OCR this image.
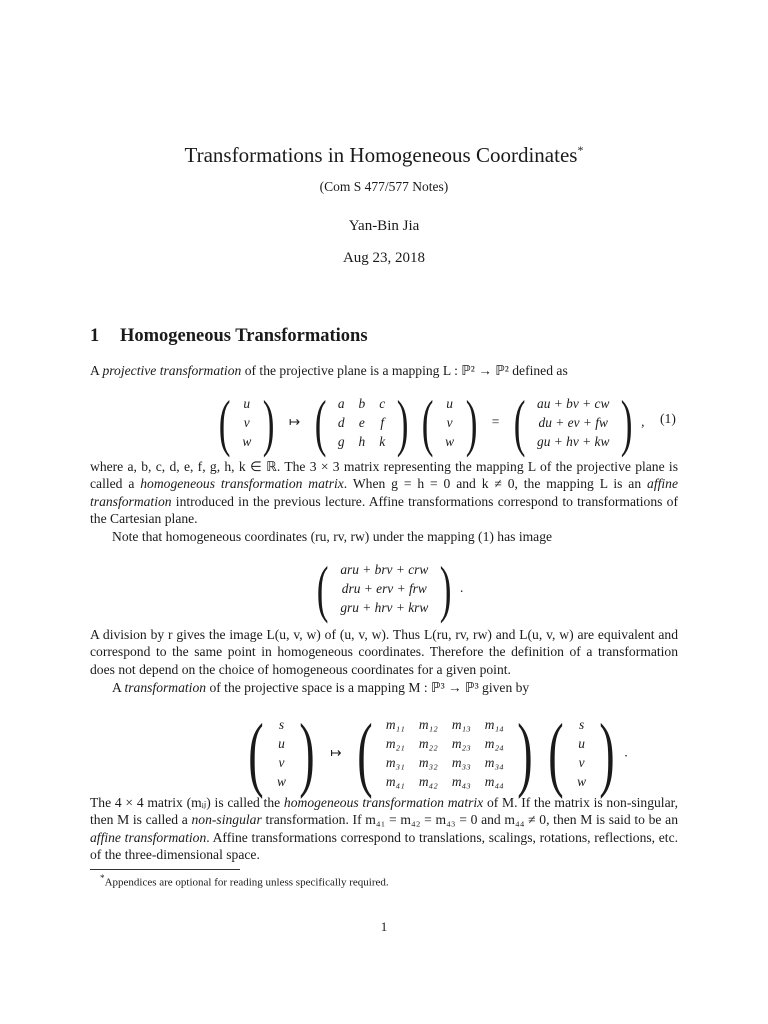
Transformations in Homogeneous Coordinates*
(Com S 477/577 Notes)
Yan-Bin Jia
Aug 23, 2018
1 Homogeneous Transformations
A projective transformation of the projective plane is a mapping L : ℙ² → ℙ² defined as
( u
v
w ) ↦ ( a	b	c
d	e	f
g	h	k )
( u
v
w ) = ( au + bv + cw
du + ev + fw
gu + hv + kw ) , (1)
where a, b, c, d, e, f, g, h, k ∈ ℝ. The 3 × 3 matrix representing the mapping L of the projective plane is called a homogeneous transformation matrix. When g = h = 0 and k ≠ 0, the mapping L is an affine transformation introduced in the previous lecture. Affine transformations correspond to transformations of the Cartesian plane.
Note that homogeneous coordinates (ru, rv, rw) under the mapping (1) has image
( aru + brv + crw
dru + erv + frw
gru + hrv + krw ) .
A division by r gives the image L(u, v, w) of (u, v, w). Thus L(ru, rv, rw) and L(u, v, w) are equivalent and correspond to the same point in homogeneous coordinates. Therefore the definition of a transformation does not depend on the choice of homogeneous coordinates for a given point.
A transformation of the projective space is a mapping M : ℙ³ → ℙ³ given by
( s
u
v
w ) ↦ ( m₁₁	m₁₂	m₁₃	m₁₄
m₂₁	m₂₂	m₂₃	m₂₄
m₃₁	m₃₂	m₃₃	m₃₄
m₄₁	m₄₂	m₄₃	m₄₄ )
( s
u
v
w ) .
The 4 × 4 matrix (mᵢⱼ) is called the homogeneous transformation matrix of M. If the matrix is non-singular, then M is called a non-singular transformation. If m₄₁ = m₄₂ = m₄₃ = 0 and m₄₄ ≠ 0, then M is said to be an affine transformation. Affine transformations correspond to translations, scalings, rotations, reflections, etc. of the three-dimensional space.
*Appendices are optional for reading unless specifically required.
1
